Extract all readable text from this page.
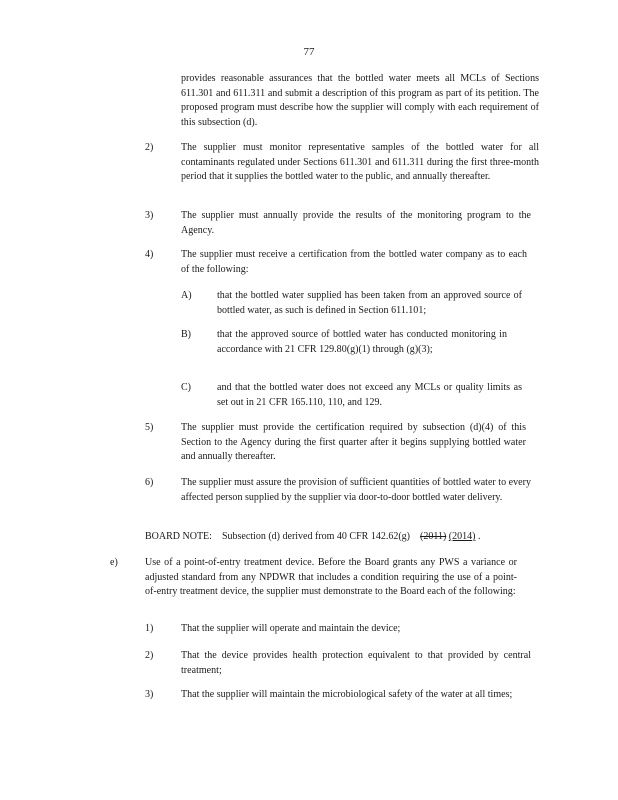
77
provides reasonable assurances that the bottled water meets all MCLs of Sections 611.301 and 611.311 and submit a description of this program as part of its petition. The proposed program must describe how the supplier will comply with each requirement of this subsection (d).
2)	The supplier must monitor representative samples of the bottled water for all contaminants regulated under Sections 611.301 and 611.311 during the first three-month period that it supplies the bottled water to the public, and annually thereafter.
3)	The supplier must annually provide the results of the monitoring program to the Agency.
4)	The supplier must receive a certification from the bottled water company as to each of the following:
A)	that the bottled water supplied has been taken from an approved source of bottled water, as such is defined in Section 611.101;
B)	that the approved source of bottled water has conducted monitoring in accordance with 21 CFR 129.80(g)(1) through (g)(3);
C)	and that the bottled water does not exceed any MCLs or quality limits as set out in 21 CFR 165.110, 110, and 129.
5)	The supplier must provide the certification required by subsection (d)(4) of this Section to the Agency during the first quarter after it begins supplying bottled water and annually thereafter.
6)	The supplier must assure the provision of sufficient quantities of bottled water to every affected person supplied by the supplier via door-to-door bottled water delivery.
BOARD NOTE: Subsection (d) derived from 40 CFR 142.62(g) (2011) (2014) .
e)	Use of a point-of-entry treatment device. Before the Board grants any PWS a variance or adjusted standard from any NPDWR that includes a condition requiring the use of a point-of-entry treatment device, the supplier must demonstrate to the Board each of the following:
1)	That the supplier will operate and maintain the device;
2)	That the device provides health protection equivalent to that provided by central treatment;
3)	That the supplier will maintain the microbiological safety of the water at all times;
